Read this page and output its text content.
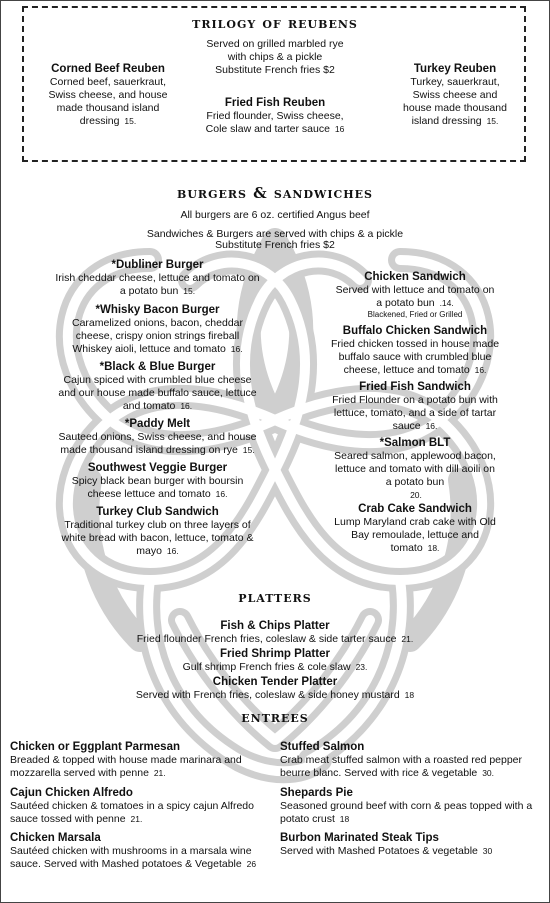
trilogy of reubens
Served on grilled marbled rye
with chips & a pickle
Substitute French fries $2
Corned Beef Reuben
Corned beef, sauerkraut,
Swiss cheese, and house
made thousand island
dressing 15.
Fried Fish Reuben
Fried flounder, Swiss cheese,
Cole slaw and tarter sauce 16
Turkey Reuben
Turkey, sauerkraut,
Swiss cheese and
house made thousand
island dressing 15.
burgers & sandwiches
All burgers are 6 oz. certified Angus beef
Sandwiches & Burgers are served with chips & a pickle
Substitute French fries $2
*Dubliner Burger
Irish cheddar cheese, lettuce and tomato on
a potato bun 15.
*Whisky Bacon Burger
Caramelized onions, bacon, cheddar
cheese, crispy onion strings fireball
Whiskey aioli, lettuce and tomato 16.
*Black & Blue Burger
Cajun spiced with crumbled blue cheese
and our house made buffalo sauce, lettuce
and tomato 16.
*Paddy Melt
Sauteed onions, Swiss cheese, and house
made thousand island dressing on rye 15.
Southwest Veggie Burger
Spicy black bean burger with boursin
cheese lettuce and tomato 16.
Turkey Club Sandwich
Traditional turkey club on three layers of
white bread with bacon, lettuce, tomato &
mayo 16.
Chicken Sandwich
Served with lettuce and tomato on
a potato bun .14.
Blackened, Fried or Grilled
Buffalo Chicken Sandwich
Fried chicken tossed in house made
buffalo sauce with crumbled blue
cheese, lettuce and tomato 16.
Fried Fish Sandwich
Fried Flounder on a potato bun with
lettuce, tomato, and a side of tartar
sauce 16.
*Salmon BLT
Seared salmon, applewood bacon,
lettuce and tomato with dill aoili on
a potato bun
20.
Crab Cake Sandwich
Lump Maryland crab cake with Old
Bay remoulade, lettuce and
tomato 18.
platters
Fish & Chips Platter
Fried flounder French fries, coleslaw & side tarter sauce 21.
Fried Shrimp Platter
Gulf shrimp French fries & cole slaw 23.
Chicken Tender Platter
Served with French fries, coleslaw & side honey mustard 18
entrees
Chicken or Eggplant Parmesan
Breaded & topped with house made marinara and
mozzarella served with penne 21.
Cajun Chicken Alfredo
Sautéed chicken & tomatoes in a spicy cajun Alfredo
sauce tossed with penne 21.
Chicken Marsala
Sautéed chicken with mushrooms in a marsala wine
sauce. Served with Mashed potatoes & Vegetable 26
Stuffed Salmon
Crab meat stuffed salmon with a roasted red pepper
beurre blanc. Served with rice & vegetable 30.
Shepards Pie
Seasoned ground beef with corn & peas topped with a
potato crust 18
Burbon Marinated Steak Tips
Served with Mashed Potatoes & vegetable 30
